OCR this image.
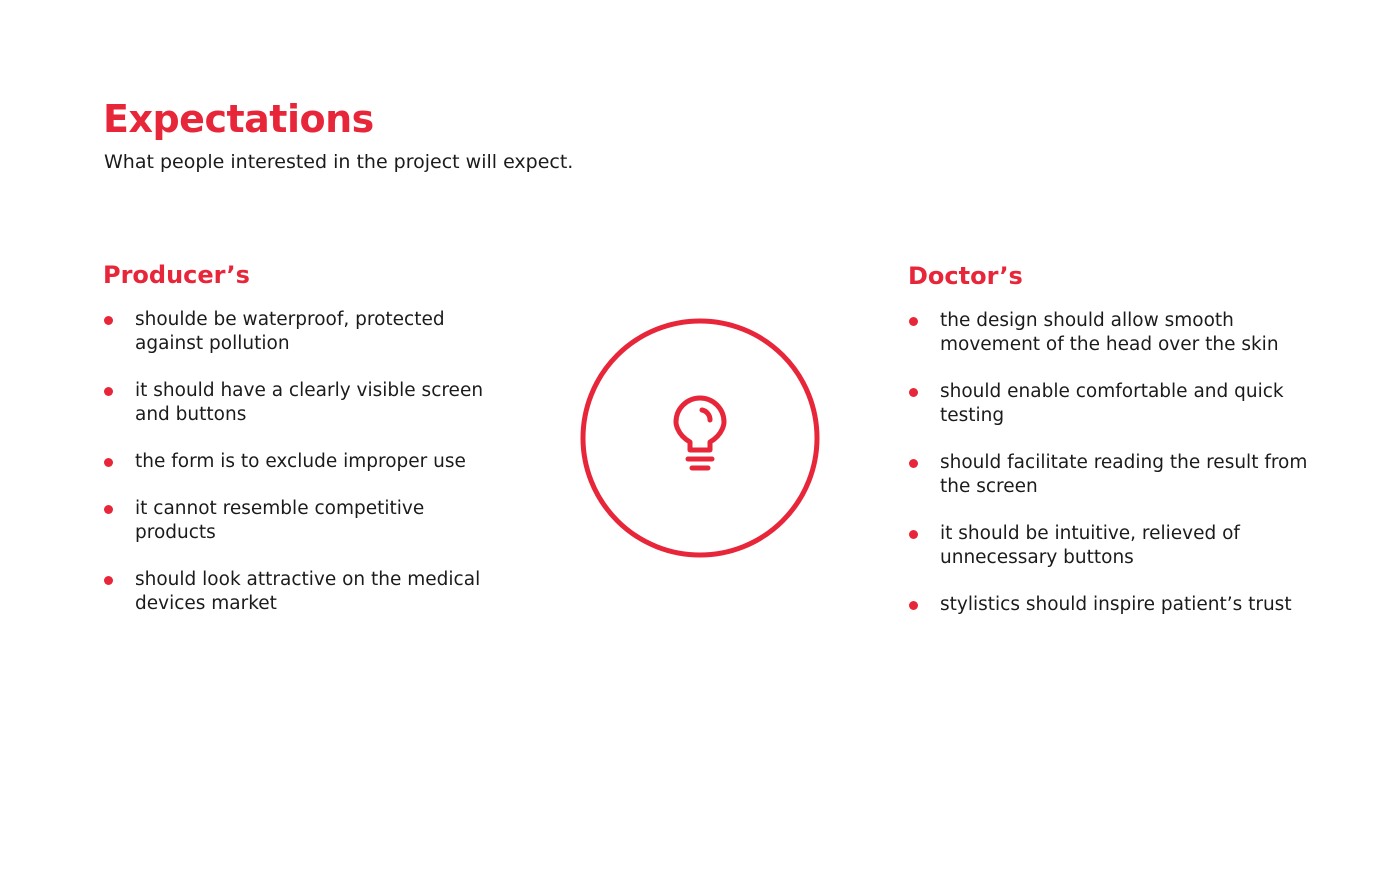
Expectations

What people interested in the project will expect.

Producer’s
shoulde be waterproof, protected against pollution
it should have a clearly visible screen and buttons
the form is to exclude improper use
it cannot resemble competitive products
should look attractive on the medical devices market
Doctor’s
the design should allow smooth movement of the head over the skin
should enable comfortable and quick testing
should facilitate reading the result from the screen
it should be intuitive, relieved of unnecessary buttons
stylistics should inspire patient’s trust
